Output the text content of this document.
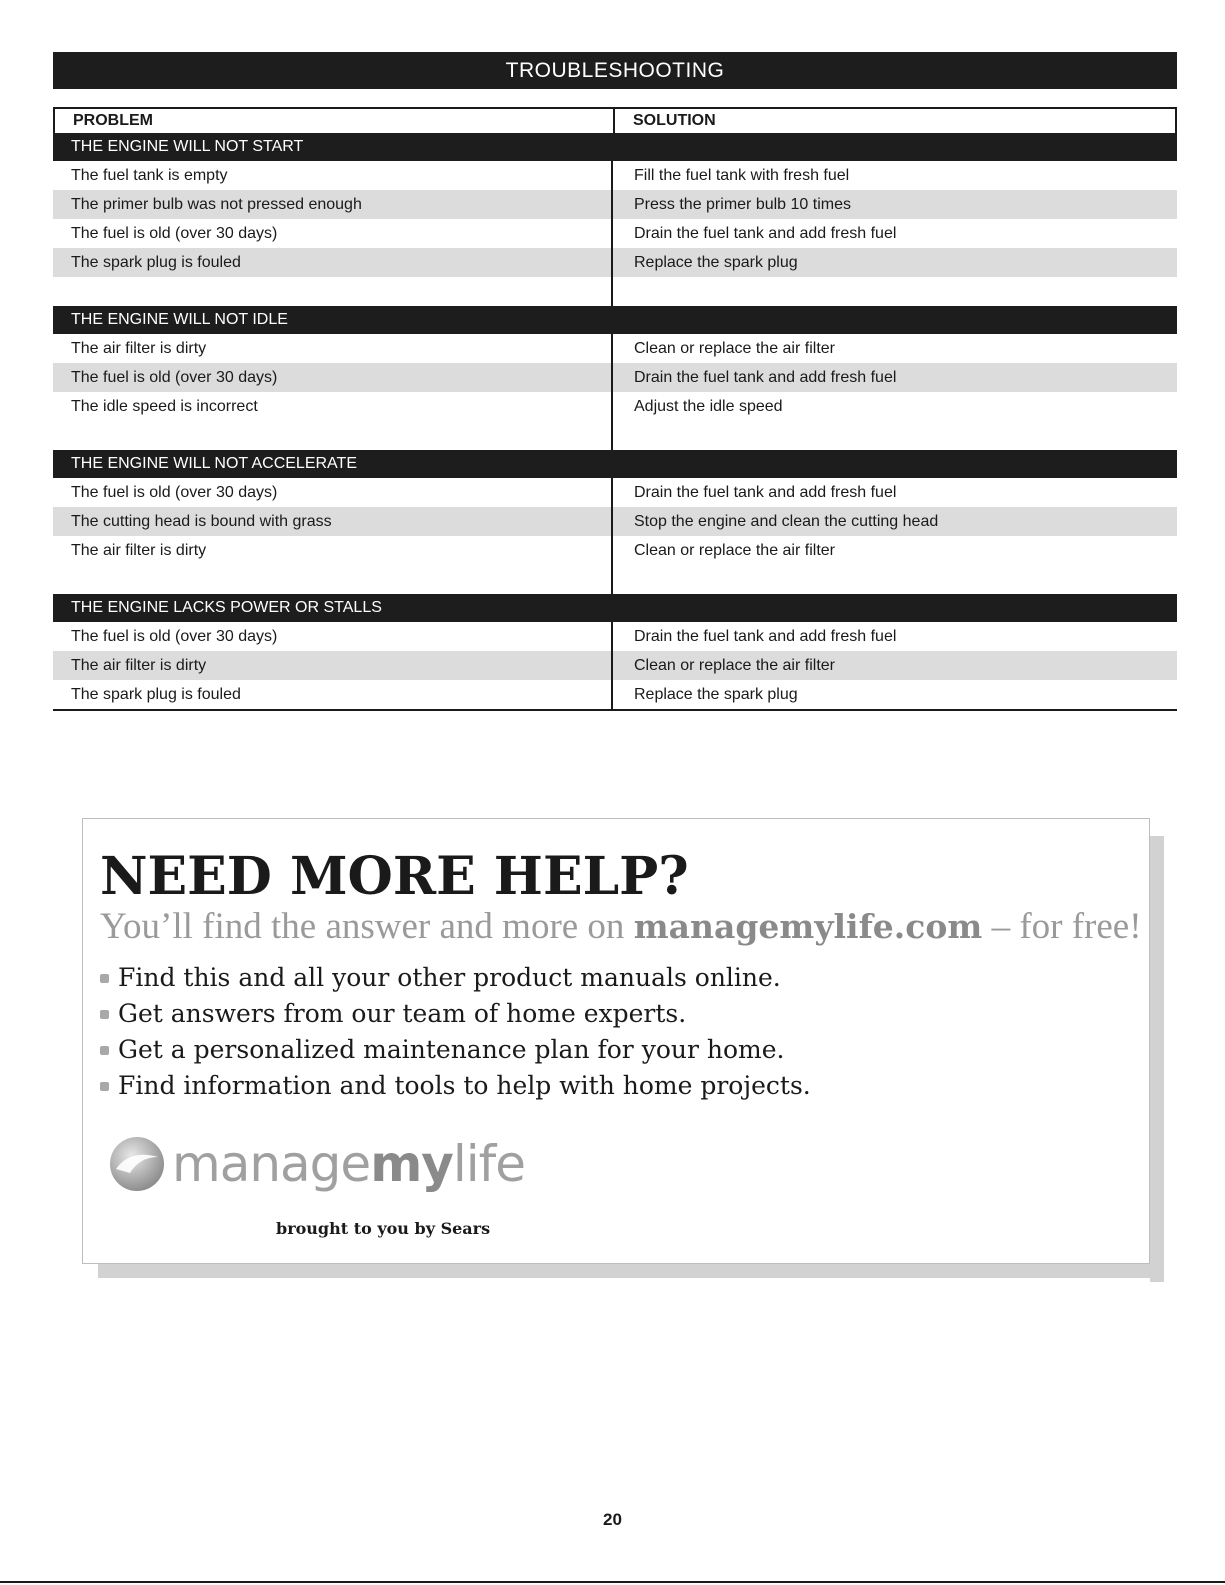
TROUBLESHOOTING
PROBLEM	SOLUTION
THE ENGINE WILL NOT START
The fuel tank is empty	Fill the fuel tank with fresh fuel
The primer bulb was not pressed enough	Press the primer bulb 10 times
The fuel is old (over 30 days)	Drain the fuel tank and add fresh fuel
The spark plug is fouled	Replace the spark plug
THE ENGINE WILL NOT IDLE
The air filter is dirty	Clean or replace the air filter
The fuel is old (over 30 days)	Drain the fuel tank and add fresh fuel
The idle speed is incorrect	Adjust the idle speed
THE ENGINE WILL NOT ACCELERATE
The fuel is old (over 30 days)	Drain the fuel tank and add fresh fuel
The cutting head is bound with grass	Stop the engine and clean the cutting head
The air filter is dirty	Clean or replace the air filter
THE ENGINE LACKS POWER OR STALLS
The fuel is old (over 30 days)	Drain the fuel tank and add fresh fuel
The air filter is dirty	Clean or replace the air filter
The spark plug is fouled	Replace the spark plug
NEED MORE HELP?

You’ll find the answer and more on managemylife.com – for free!

Find this and all your other product manuals online.
Get answers from our team of home experts.
Get a personalized maintenance plan for your home.
Find information and tools to help with home projects.
managemylife
brought to you by Sears
20
